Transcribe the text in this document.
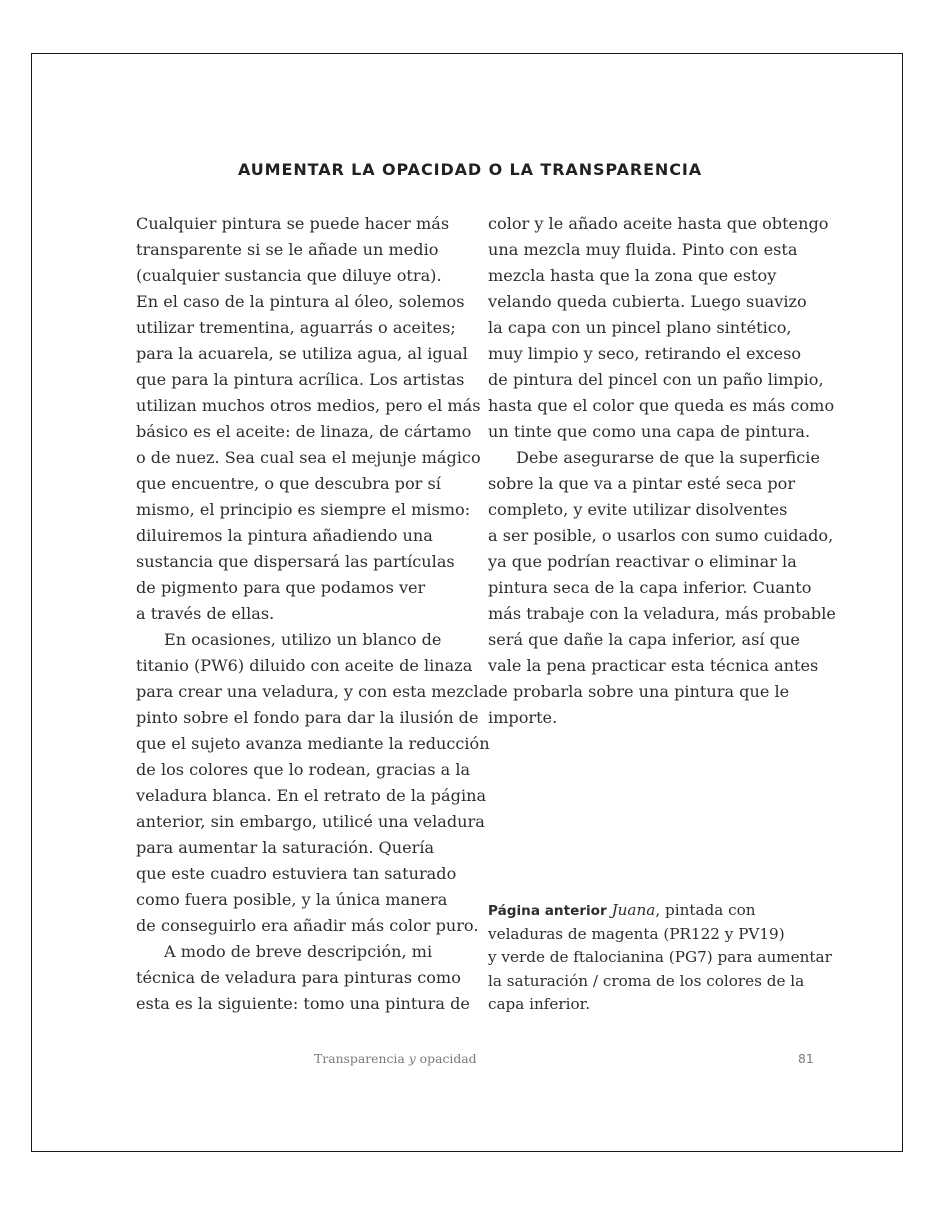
AUMENTAR LA OPACIDAD O LA TRANSPARENCIA

Cualquier pintura se puede hacer más
transparente si se le añade un medio
(cualquier sustancia que diluye otra).
En el caso de la pintura al óleo, solemos
utilizar trementina, aguarrás o aceites;
para la acuarela, se utiliza agua, al igual
que para la pintura acrílica. Los artistas
utilizan muchos otros medios, pero el más
básico es el aceite: de linaza, de cártamo
o de nuez. Sea cual sea el mejunje mágico
que encuentre, o que descubra por sí
mismo, el principio es siempre el mismo:
diluiremos la pintura añadiendo una
sustancia que dispersará las partículas
de pigmento para que podamos ver
a través de ellas.

En ocasiones, utilizo un blanco de
titanio (PW6) diluido con aceite de linaza
para crear una veladura, y con esta mezcla
pinto sobre el fondo para dar la ilusión de
que el sujeto avanza mediante la reducción
de los colores que lo rodean, gracias a la
veladura blanca. En el retrato de la página
anterior, sin embargo, utilicé una veladura
para aumentar la saturación. Quería
que este cuadro estuviera tan saturado
como fuera posible, y la única manera
de conseguirlo era añadir más color puro.

A modo de breve descripción, mi
técnica de veladura para pinturas como
esta es la siguiente: tomo una pintura de

color y le añado aceite hasta que obtengo
una mezcla muy fluida. Pinto con esta
mezcla hasta que la zona que estoy
velando queda cubierta. Luego suavizo
la capa con un pincel plano sintético,
muy limpio y seco, retirando el exceso
de pintura del pincel con un paño limpio,
hasta que el color que queda es más como
un tinte que como una capa de pintura.

Debe asegurarse de que la superficie
sobre la que va a pintar esté seca por
completo, y evite utilizar disolventes
a ser posible, o usarlos con sumo cuidado,
ya que podrían reactivar o eliminar la
pintura seca de la capa inferior. Cuanto
más trabaje con la veladura, más probable
será que dañe la capa inferior, así que
vale la pena practicar esta técnica antes
de probarla sobre una pintura que le
importe.

Página anterior Juana, pintada con
veladuras de magenta (PR122 y PV19)
y verde de ftalocianina (PG7) para aumentar
la saturación / croma de los colores de la
capa inferior.
Transparencia y opacidad	81
